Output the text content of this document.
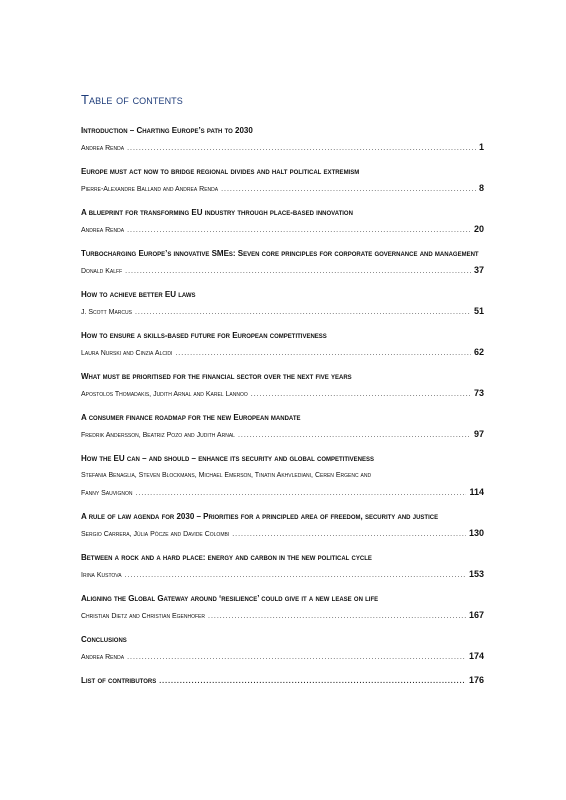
Table of contents

Introduction – Charting Europe’s path to 2030

Andrea Renda .....	1

Europe must act now to bridge regional divides and halt political extremism

Pierre-Alexandre Balland and Andrea Renda .....	8

A blueprint for transforming EU industry through place-based innovation

Andrea Renda .....	20

Turbocharging Europe’s innovative SMEs: Seven core principles for corporate governance and management

Donald Kalff .....	37

How to achieve better EU laws

J. Scott Marcus .....	51

How to ensure a skills-based future for European competitiveness

Laura Nurski and Cinzia Alcidi .....	62

What must be prioritised for the financial sector over the next five years

Apostolos Thomadakis, Judith Arnal and Karel Lannoo .....	73

A consumer finance roadmap for the new European mandate

Fredrik Andersson, Beatriz Pozo and Judith Arnal .....	97

How the EU can – and should – enhance its security and global competitiveness

Stefania Benaglia, Steven Blockmans, Michael Emerson, Tinatin Akhvlediani, Ceren Ergenc and
Fanny Sauvignon .....	114

A rule of law agenda for 2030 – Priorities for a principled area of freedom, security and justice

Sergio Carrera, Júlia Pócze and Davide Colombi .....	130

Between a rock and a hard place: energy and carbon in the new political cycle

Irina Kustova .....	153

Aligning the Global Gateway around ‘resilience’ could give it a new lease on life

Christian Dietz and Christian Egenhofer .....	167

Conclusions

Andrea Renda .....	174
List of contributors .....	176
